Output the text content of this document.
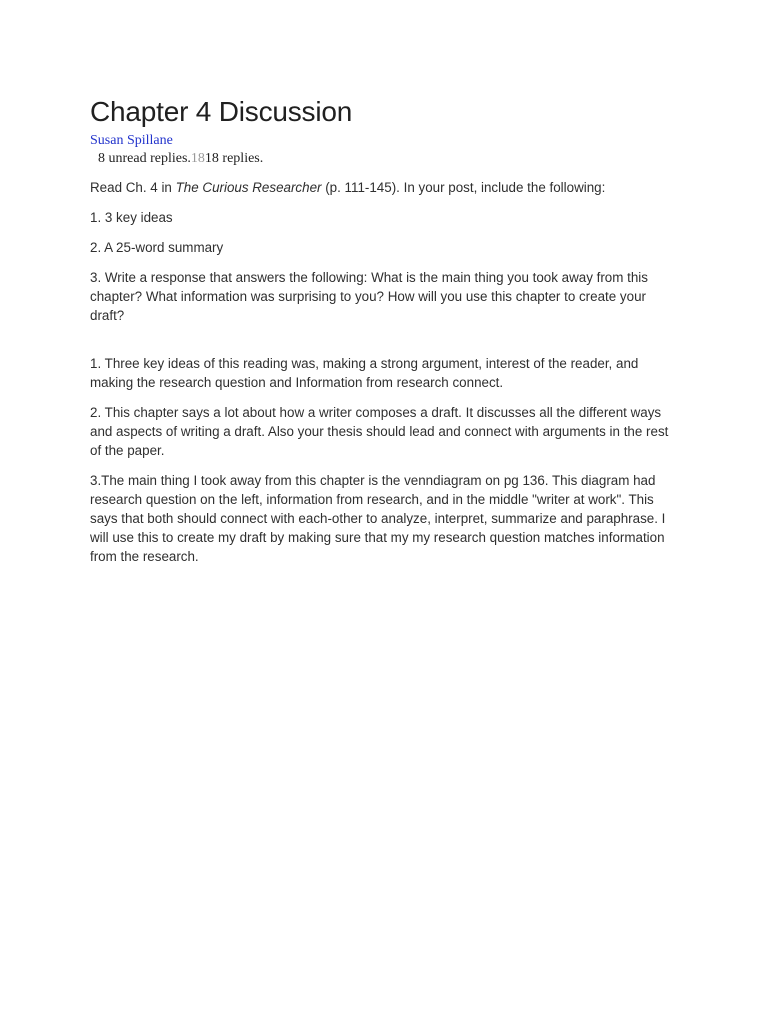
Chapter 4 Discussion
Susan Spillane
8 unread replies.1818 replies.

Read Ch. 4 in The Curious Researcher (p. 111-145). In your post, include the following:

1. 3 key ideas

2. A 25-word summary

3. Write a response that answers the following: What is the main thing you took away from this chapter? What information was surprising to you? How will you use this chapter to create your draft?

1. Three key ideas of this reading was, making a strong argument, interest of the reader, and making the research question and Information from research connect.

2. This chapter says a lot about how a writer composes a draft. It discusses all the different ways and aspects of writing a draft. Also your thesis should lead and connect with arguments in the rest of the paper.

3.The main thing I took away from this chapter is the venndiagram on pg 136. This diagram had research question on the left, information from research, and in the middle "writer at work". This says that both should connect with each-other to analyze, interpret, summarize and paraphrase. I will use this to create my draft by making sure that my my research question matches information from the research.
